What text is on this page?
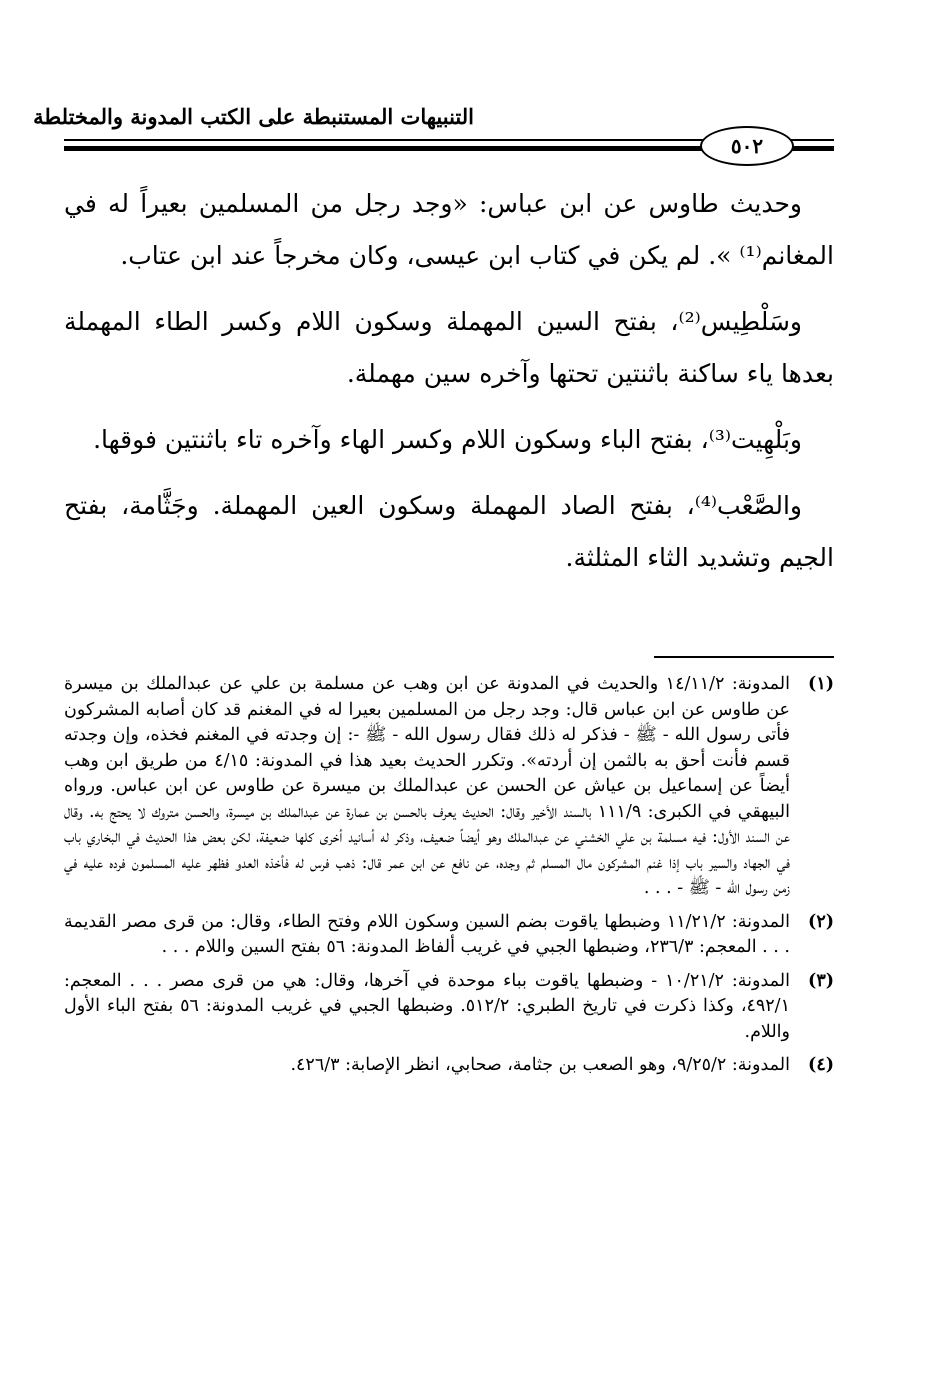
التنبيهات المستنبطة على الكتب المدونة والمختلطة
٥٠٢

وحديث طاوس عن ابن عباس: «وجد رجل من المسلمين بعيراً له في المغانم⁽¹⁾ ». لم يكن في كتاب ابن عيسى، وكان مخرجاً عند ابن عتاب.

وسَلْطِيس⁽²⁾، بفتح السين المهملة وسكون اللام وكسر الطاء المهملة بعدها ياء ساكنة باثنتين تحتها وآخره سين مهملة.

وبَلْهِيت⁽³⁾، بفتح الباء وسكون اللام وكسر الهاء وآخره تاء باثنتين فوقها.

والصَّعْب⁽⁴⁾، بفتح الصاد المهملة وسكون العين المهملة. وجَثَّامة، بفتح الجيم وتشديد الثاء المثلثة.

(١)
المدونة: ١٤/١١/٢ والحديث في المدونة عن ابن وهب عن مسلمة بن علي عن عبدالملك بن ميسرة عن طاوس عن ابن عباس قال: وجد رجل من المسلمين بعيرا له في المغنم قد كان أصابه المشركون فأتى رسول الله - ﷺ - فذكر له ذلك فقال رسول الله - ﷺ -: إن وجدته في المغنم فخذه، وإن وجدته قسم فأنت أحق به بالثمن إن أردته». وتكرر الحديث بعيد هذا في المدونة: ٤/١٥ من طريق ابن وهب أيضاً عن إسماعيل بن عياش عن الحسن عن عبدالملك بن ميسرة عن طاوس عن ابن عباس. ورواه البيهقي في الكبرى: ١١١/٩ بالسند الأخير وقال: الحديث يعرف بالحسن بن عمارة عن عبدالملك بن ميسرة، والحسن متروك لا يحتج به. وقال عن السند الأول: فيه مسلمة بن علي الخشني عن عبدالملك وهو أيضاً ضعيف، وذكر له أسانيد أخرى كلها ضعيفة، لكن بعض هذا الحديث في البخاري باب في الجهاد والسير باب إذا غنم المشركون مال المسلم ثم وجده، عن نافع عن ابن عمر قال: ذهب فرس له فأخذه العدو فظهر عليه المسلمون فرده عليه في زمن رسول الله - ﷺ - . . .
(٢)
المدونة: ١١/٢١/٢ وضبطها ياقوت بضم السين وسكون اللام وفتح الطاء، وقال: من قرى مصر القديمة . . . المعجم: ٢٣٦/٣، وضبطها الجبي في غريب ألفاظ المدونة: ٥٦ بفتح السين واللام . . .
(٣)
المدونة: ١٠/٢١/٢ - وضبطها ياقوت بباء موحدة في آخرها، وقال: هي من قرى مصر . . . المعجم: ٤٩٢/١، وكذا ذكرت في تاريخ الطبري: ٥١٢/٢. وضبطها الجبي في غريب المدونة: ٥٦ بفتح الباء الأول واللام.
(٤)
المدونة: ٩/٢٥/٢، وهو الصعب بن جثامة، صحابي، انظر الإصابة: ٤٢٦/٣.
